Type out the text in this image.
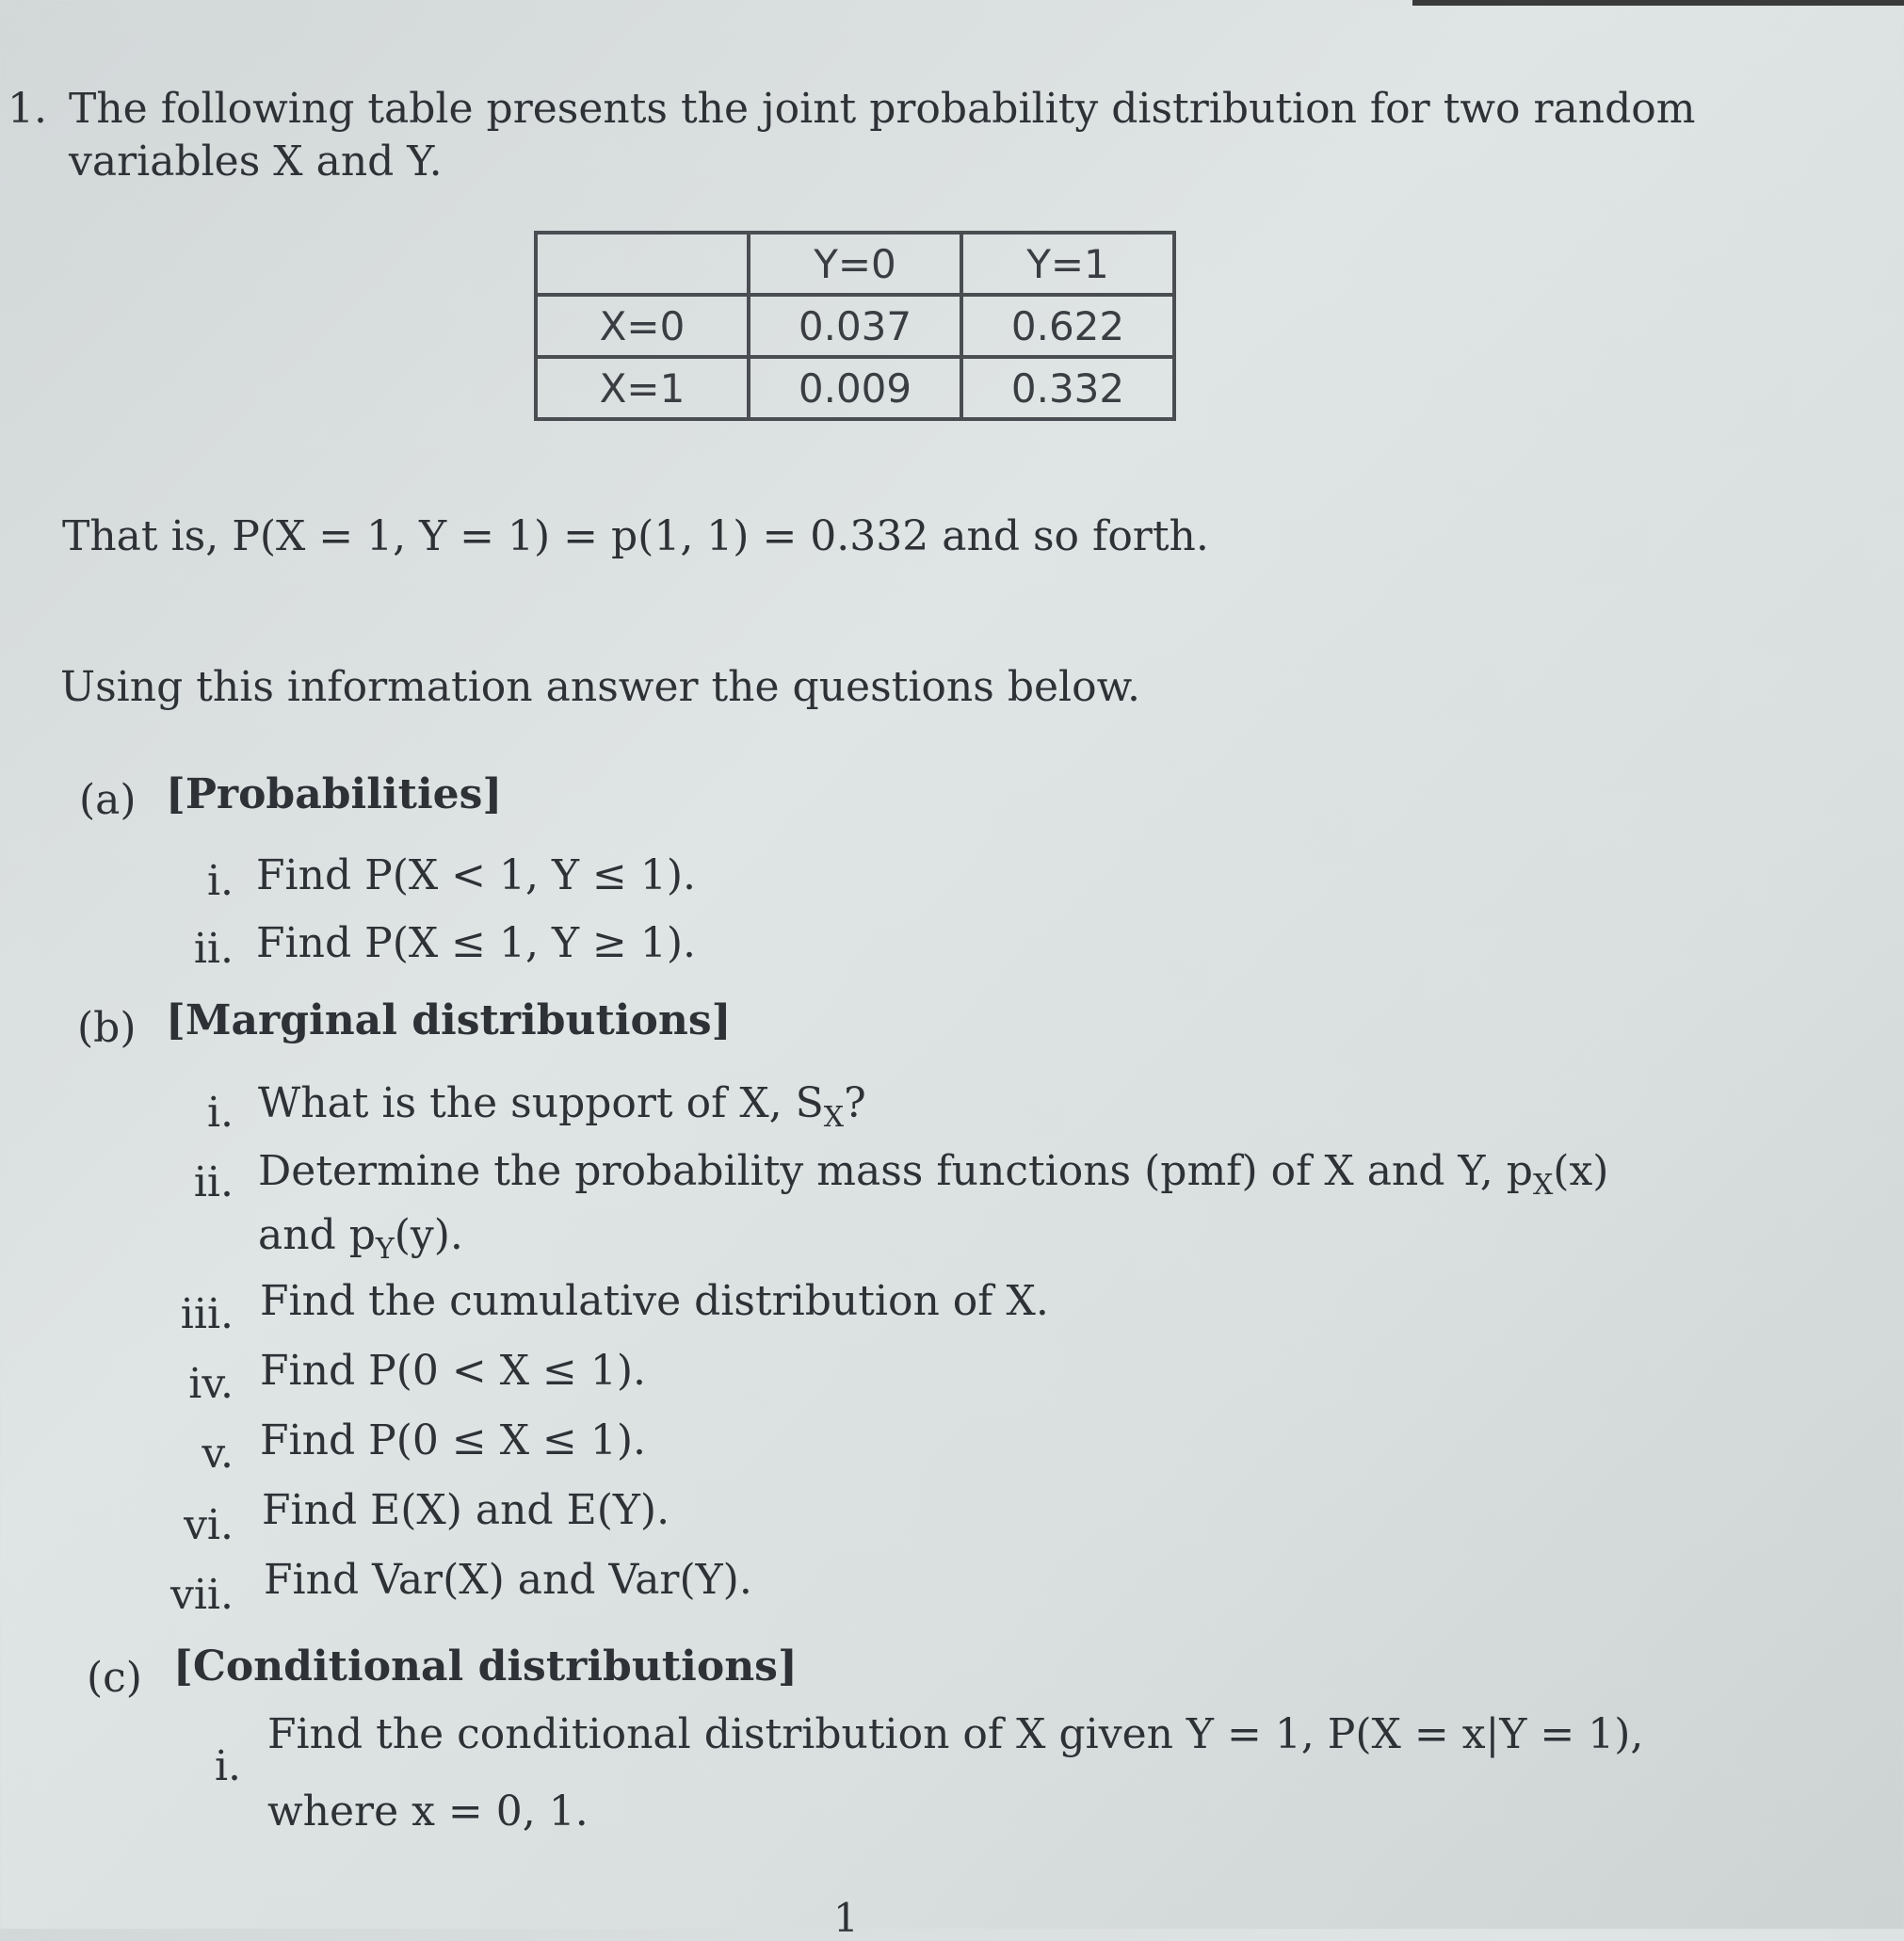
1. The following table presents the joint probability distribution for two random
variables X and Y.
	Y=0	Y=1
X=0	0.037	0.622
X=1	0.009	0.332
That is, P(X = 1, Y = 1) = p(1, 1) = 0.332 and so forth.
Using this information answer the questions below.
(a) [Probabilities]
i. Find P(X < 1, Y ≤ 1).
ii. Find P(X ≤ 1, Y ≥ 1).
(b) [Marginal distributions]
i. What is the support of X, $S_X$?
ii. Determine the probability mass functions (pmf) of X and Y, $p_X(x)$
and $p_Y(y)$.
iii. Find the cumulative distribution of X.
iv. Find P(0 < X ≤ 1).
v. Find P(0 ≤ X ≤ 1).
vi. Find E(X) and E(Y).
vii. Find Var(X) and Var(Y).
(c) [Conditional distributions]
i.
Find the conditional distribution of X given Y = 1, P(X = x|Y = 1),
where x = 0, 1.
1
